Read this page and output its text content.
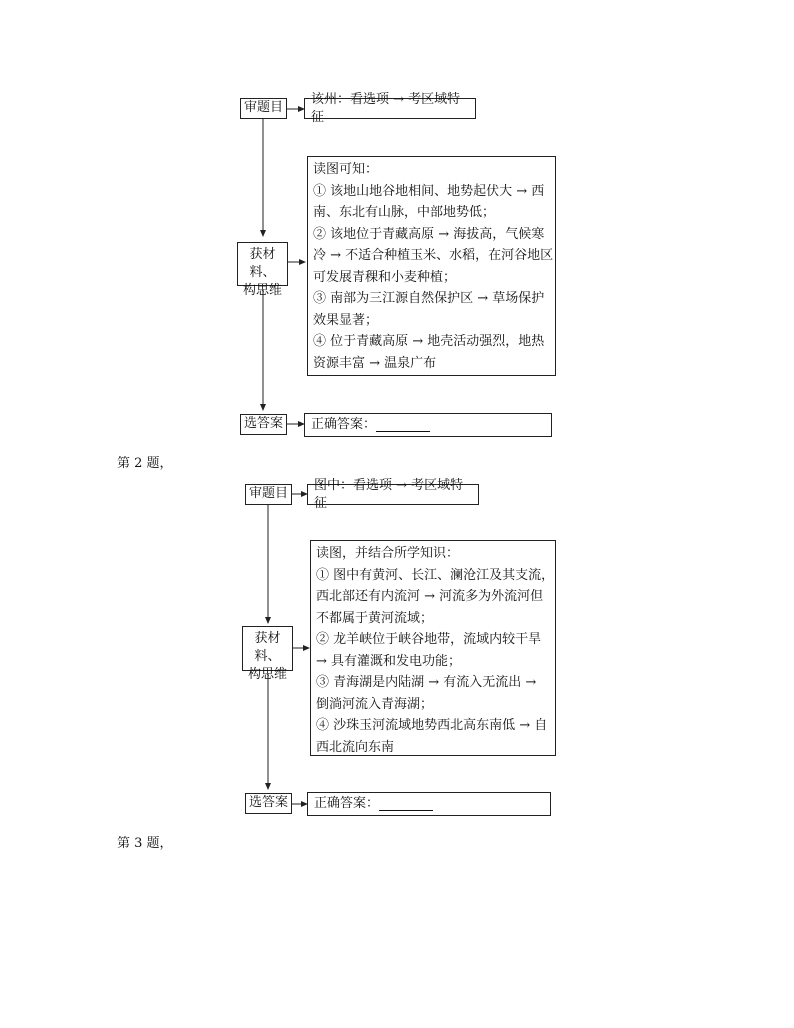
审题目
该州：看选项 → 考区域特征
获材料、
构思维

读图可知：

① 该地山地谷地相间、地势起伏大 → 西

南、东北有山脉，中部地势低；

② 该地位于青藏高原 → 海拔高，气候寒

冷 → 不适合种植玉米、水稻，在河谷地区

可发展青稞和小麦种植；

③ 南部为三江源自然保护区 → 草场保护

效果显著；

④ 位于青藏高原 → 地壳活动强烈，地热

资源丰富 → 温泉广布

选答案	正确答案：
第 2 题，
审题目
图中：看选项 → 考区域特征
获材料、
构思维

读图，并结合所学知识：

① 图中有黄河、长江、澜沧江及其支流，

西北部还有内流河 → 河流多为外流河但

不都属于黄河流域；

② 龙羊峡位于峡谷地带，流域内较干旱

→ 具有灌溉和发电功能；

③ 青海湖是内陆湖 → 有流入无流出 →

倒淌河流入青海湖；

④ 沙珠玉河流域地势西北高东南低 → 自

西北流向东南

选答案	正确答案：
第 3 题，
